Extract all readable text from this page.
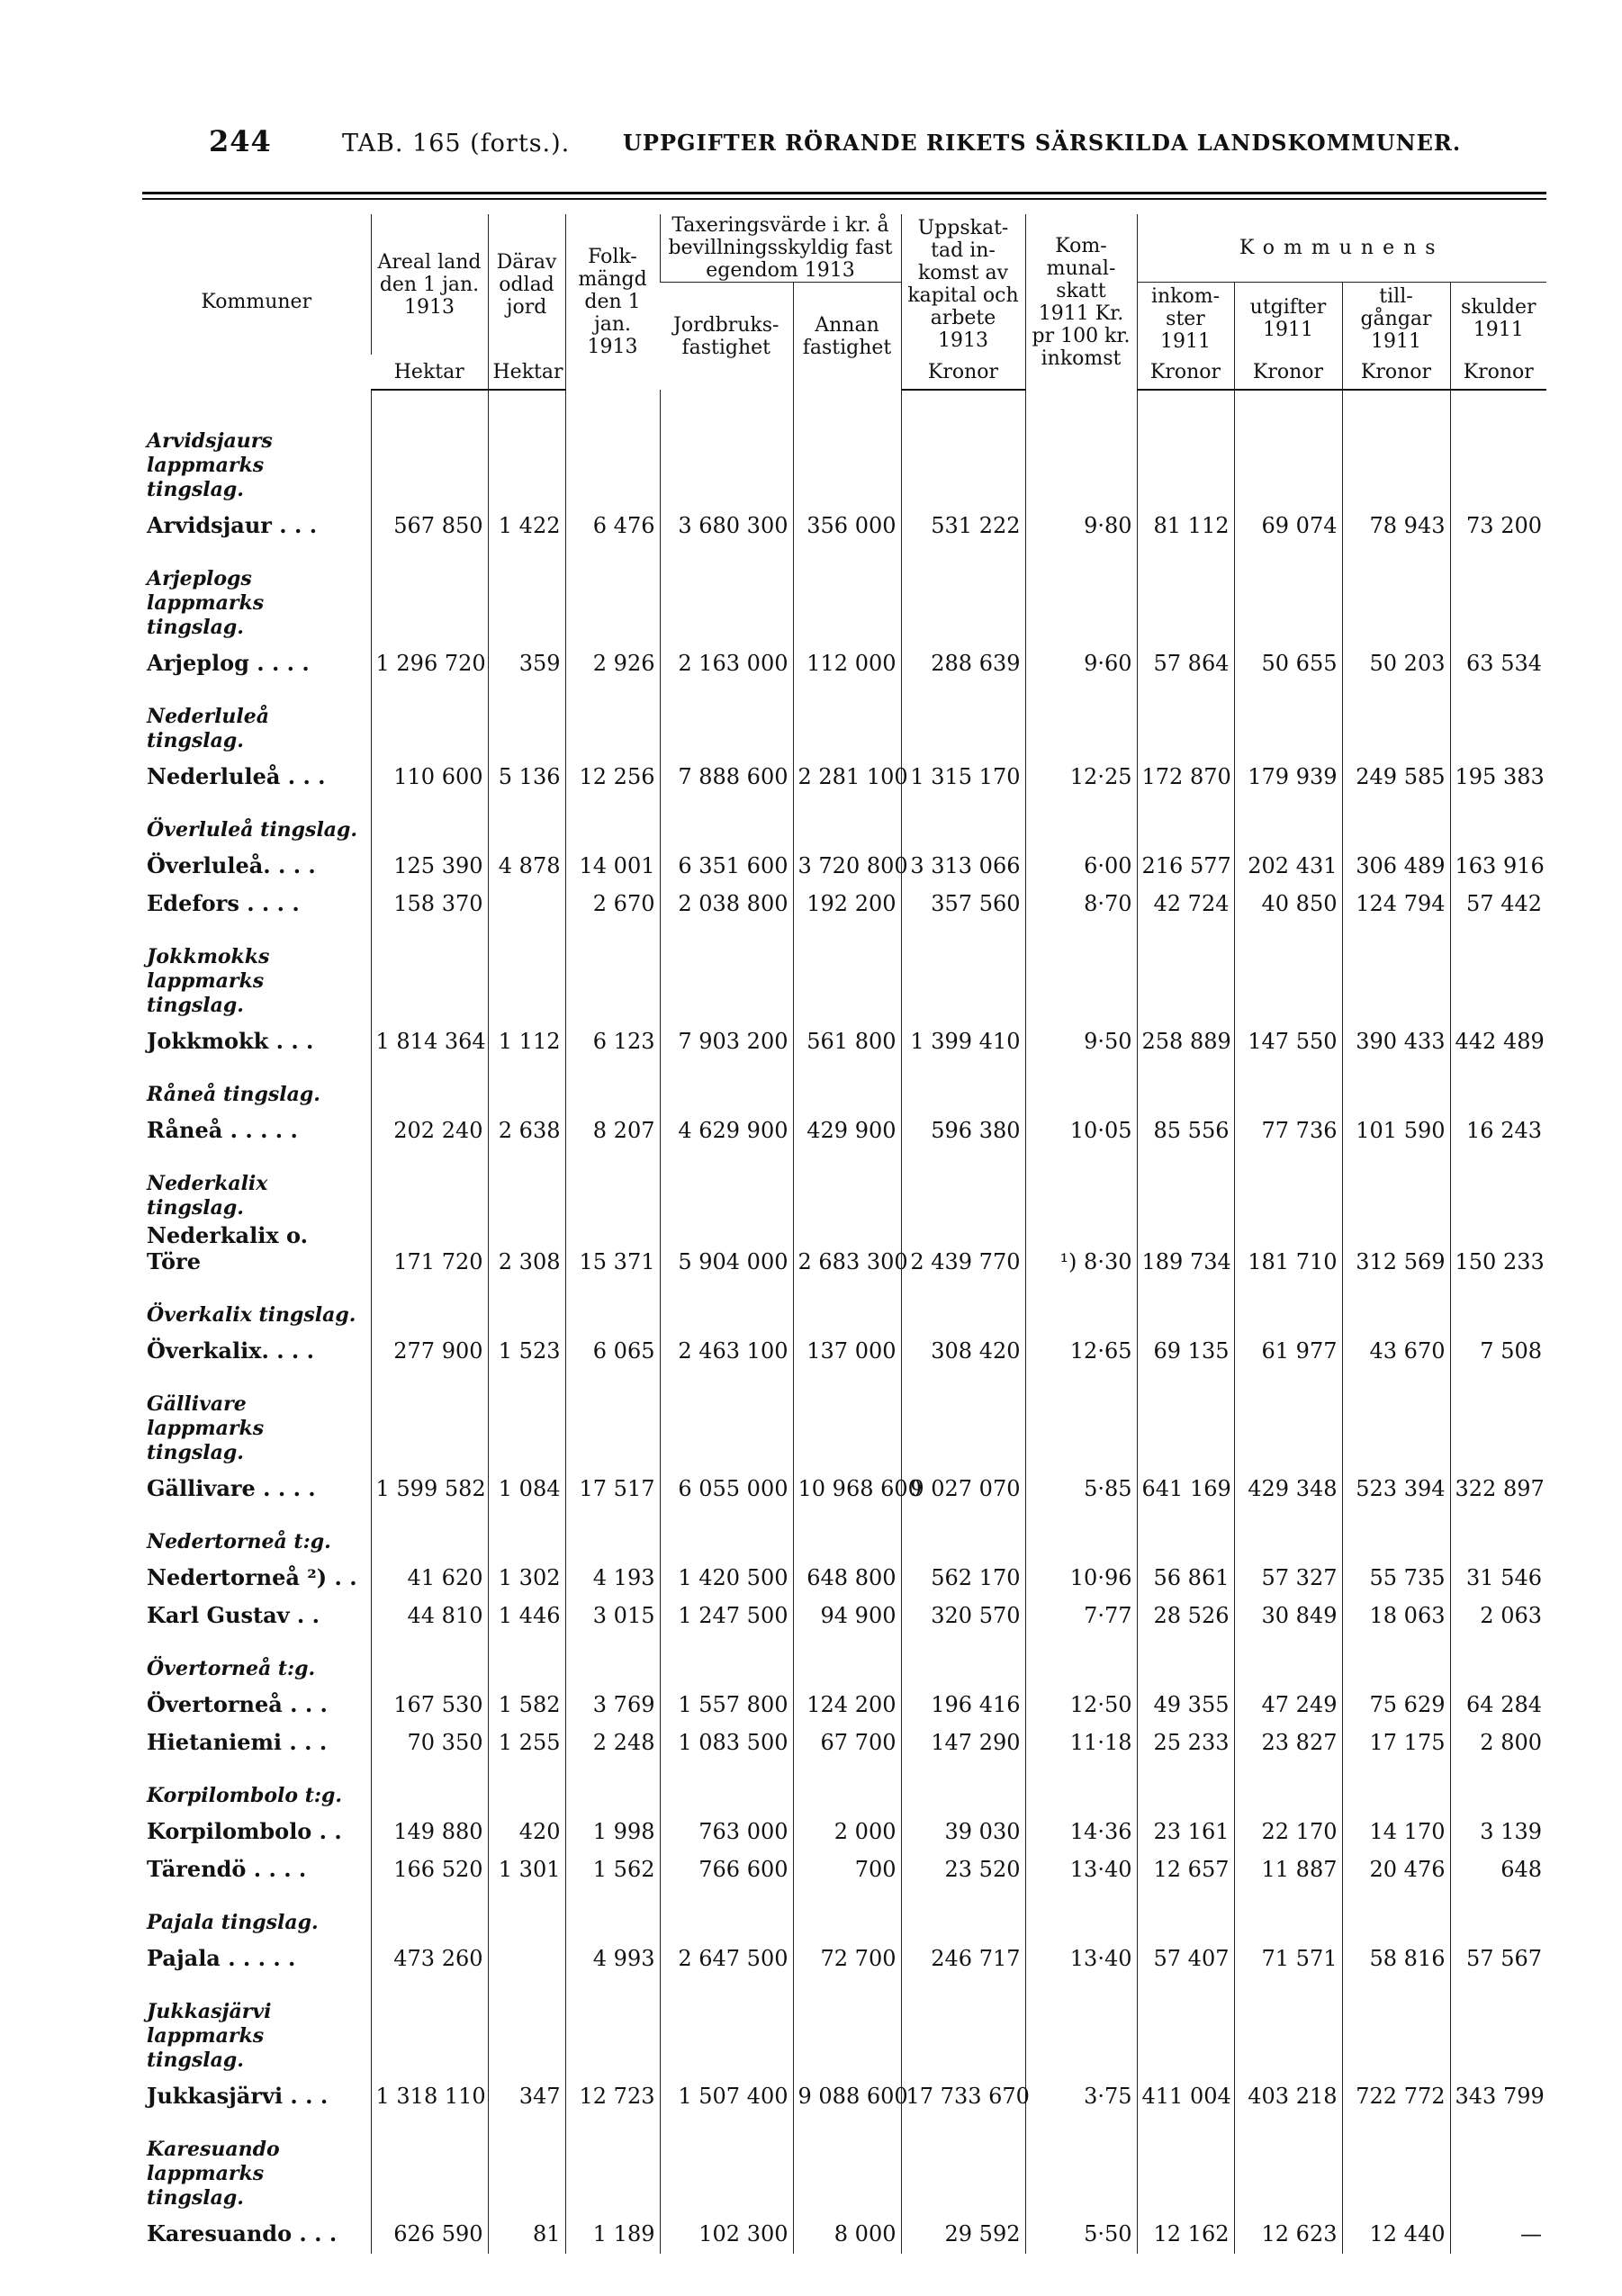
244	TAB. 165 (forts.). UPPGIFTER RÖRANDE RIKETS SÄRSKILDA LANDSKOMMUNER.
Kommuner	Areal land den 1 jan. 1913	Därav odlad jord	Folk-mängd den 1 jan. 1913	Taxeringsvärde i kr. å bevillningsskyldig fast egendom 1913		Uppskat-tad in-komst av kapital och arbete 1913	Kom-munal-skatt 1911 Kr. pr 100 kr. inkomst	Kommunens			
				Jordbruks-fastighet	Annan fastighet			inkom-ster 1911	utgifter 1911	till-gångar 1911	skulder 1911
	Hektar	Hektar				Kronor		Kronor	Kronor	Kronor	Kronor
Arvidsjaurs lappmarks tingslag.											
Arvidsjaur . . .	567 850	1 422	6 476	3 680 300	356 000	531 222	9·80	81 112	69 074	78 943	73 200
Arjeplogs lappmarks tingslag.											
Arjeplog . . . .	1 296 720	359	2 926	2 163 000	112 000	288 639	9·60	57 864	50 655	50 203	63 534
Nederluleå tingslag.											
Nederluleå . . .	110 600	5 136	12 256	7 888 600	2 281 100	1 315 170	12·25	172 870	179 939	249 585	195 383
Överluleå tingslag.											
Överluleå. . . .	125 390	4 878	14 001	6 351 600	3 720 800	3 313 066	6·00	216 577	202 431	306 489	163 916
Edefors . . . .	158 370		2 670	2 038 800	192 200	357 560	8·70	42 724	40 850	124 794	57 442
Jokkmokks lappmarks tingslag.											
Jokkmokk . . .	1 814 364	1 112	6 123	7 903 200	561 800	1 399 410	9·50	258 889	147 550	390 433	442 489
Råneå tingslag.											
Råneå . . . . .	202 240	2 638	8 207	4 629 900	429 900	596 380	10·05	85 556	77 736	101 590	16 243
Nederkalix tingslag.											
Nederkalix o. Töre	171 720	2 308	15 371	5 904 000	2 683 300	2 439 770	¹) 8·30	189 734	181 710	312 569	150 233
Överkalix tingslag.											
Överkalix. . . .	277 900	1 523	6 065	2 463 100	137 000	308 420	12·65	69 135	61 977	43 670	7 508
Gällivare lappmarks tingslag.											
Gällivare . . . .	1 599 582	1 084	17 517	6 055 000	10 968 600	9 027 070	5·85	641 169	429 348	523 394	322 897
Nedertorneå t:g.											
Nedertorneå ²) . .	41 620	1 302	4 193	1 420 500	648 800	562 170	10·96	56 861	57 327	55 735	31 546
Karl Gustav . .	44 810	1 446	3 015	1 247 500	94 900	320 570	7·77	28 526	30 849	18 063	2 063
Övertorneå t:g.											
Övertorneå . . .	167 530	1 582	3 769	1 557 800	124 200	196 416	12·50	49 355	47 249	75 629	64 284
Hietaniemi . . .	70 350	1 255	2 248	1 083 500	67 700	147 290	11·18	25 233	23 827	17 175	2 800
Korpilombolo t:g.											
Korpilombolo . .	149 880	420	1 998	763 000	2 000	39 030	14·36	23 161	22 170	14 170	3 139
Tärendö . . . .	166 520	1 301	1 562	766 600	700	23 520	13·40	12 657	11 887	20 476	648
Pajala tingslag.											
Pajala . . . . .	473 260		4 993	2 647 500	72 700	246 717	13·40	57 407	71 571	58 816	57 567
Jukkasjärvi lappmarks tingslag.											
Jukkasjärvi . . .	1 318 110	347	12 723	1 507 400	9 088 600	17 733 670	3·75	411 004	403 218	722 772	343 799
Karesuando lappmarks tingslag.											
Karesuando . . .	626 590	81	1 189	102 300	8 000	29 592	5·50	12 162	12 623	12 440	—
